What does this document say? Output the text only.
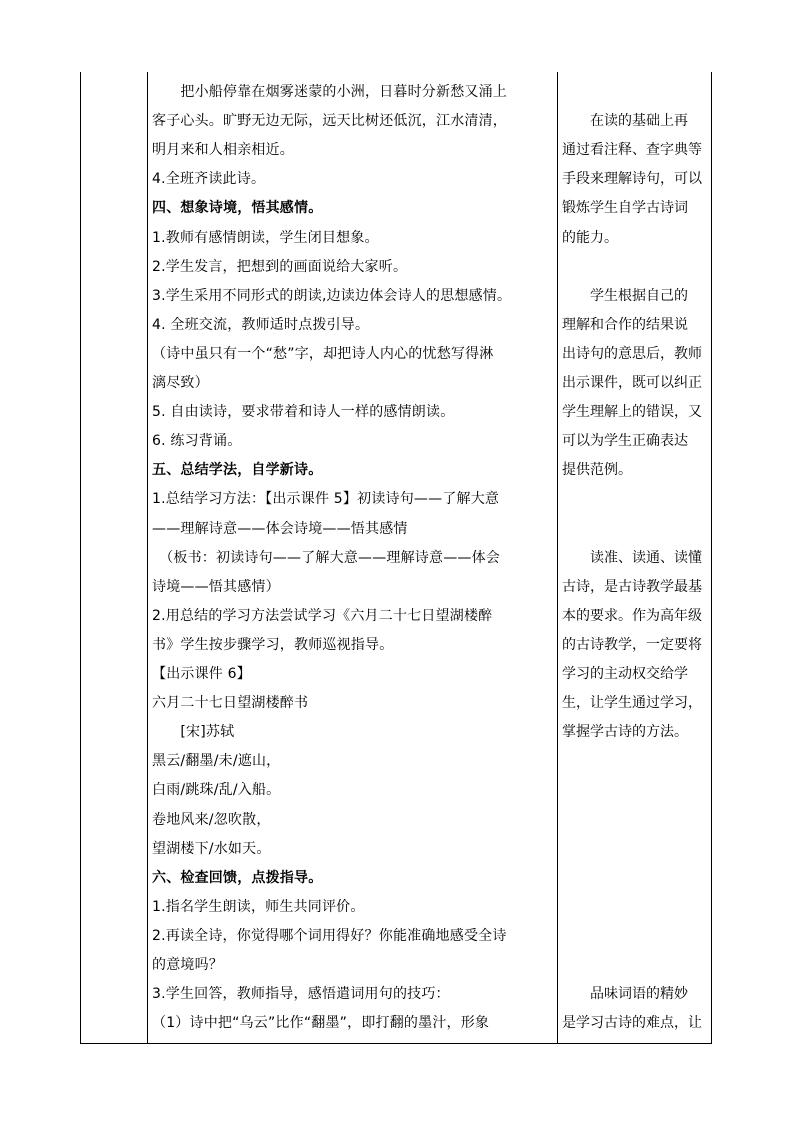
　　把小船停靠在烟雾迷蒙的小洲，日暮时分新愁又涌上
客子心头。旷野无边无际，远天比树还低沉，江水清清，
明月来和人相亲相近。
4.全班齐读此诗。
四、想象诗境，悟其感情。
1.教师有感情朗读，学生闭目想象。
2.学生发言，把想到的画面说给大家听。
3.学生采用不同形式的朗读,边读边体会诗人的思想感情。
4. 全班交流，教师适时点拨引导。
（诗中虽只有一个“愁”字，却把诗人内心的忧愁写得淋
漓尽致）
5. 自由读诗，要求带着和诗人一样的感情朗读。
6. 练习背诵。
五、总结学法，自学新诗。
1.总结学习方法：【出示课件 5】初读诗句——了解大意
——理解诗意——体会诗境——悟其感情
　（板书：初读诗句——了解大意——理解诗意——体会
诗境——悟其感情）
2.用总结的学习方法尝试学习《六月二十七日望湖楼醉
书》学生按步骤学习，教师巡视指导。
【出示课件 6】
六月二十七日望湖楼醉书
　　[宋]苏轼
黑云/翻墨/未/遮山，
白雨/跳珠/乱/入船。
卷地风来/忽吹散，
望湖楼下/水如天。
六、检查回馈，点拨指导。
1.指名学生朗读，师生共同评价。
2.再读全诗，你觉得哪个词用得好？你能准确地感受全诗
的意境吗？
3.学生回答，教师指导，感悟遣词用句的技巧：
（1）诗中把“乌云”比作“翻墨”，即打翻的墨汁，形象
　　在读的基础上再
通过看注释、查字典等
手段来理解诗句，可以
锻炼学生自学古诗词
的能力。
　　学生根据自己的
理解和合作的结果说
出诗句的意思后，教师
出示课件，既可以纠正
学生理解上的错误，又
可以为学生正确表达
提供范例。
　　读准、读通、读懂
古诗，是古诗教学最基
本的要求。作为高年级
的古诗教学，一定要将
学习的主动权交给学
生，让学生通过学习，
掌握学古诗的方法。
　　品味词语的精妙
是学习古诗的难点，让
